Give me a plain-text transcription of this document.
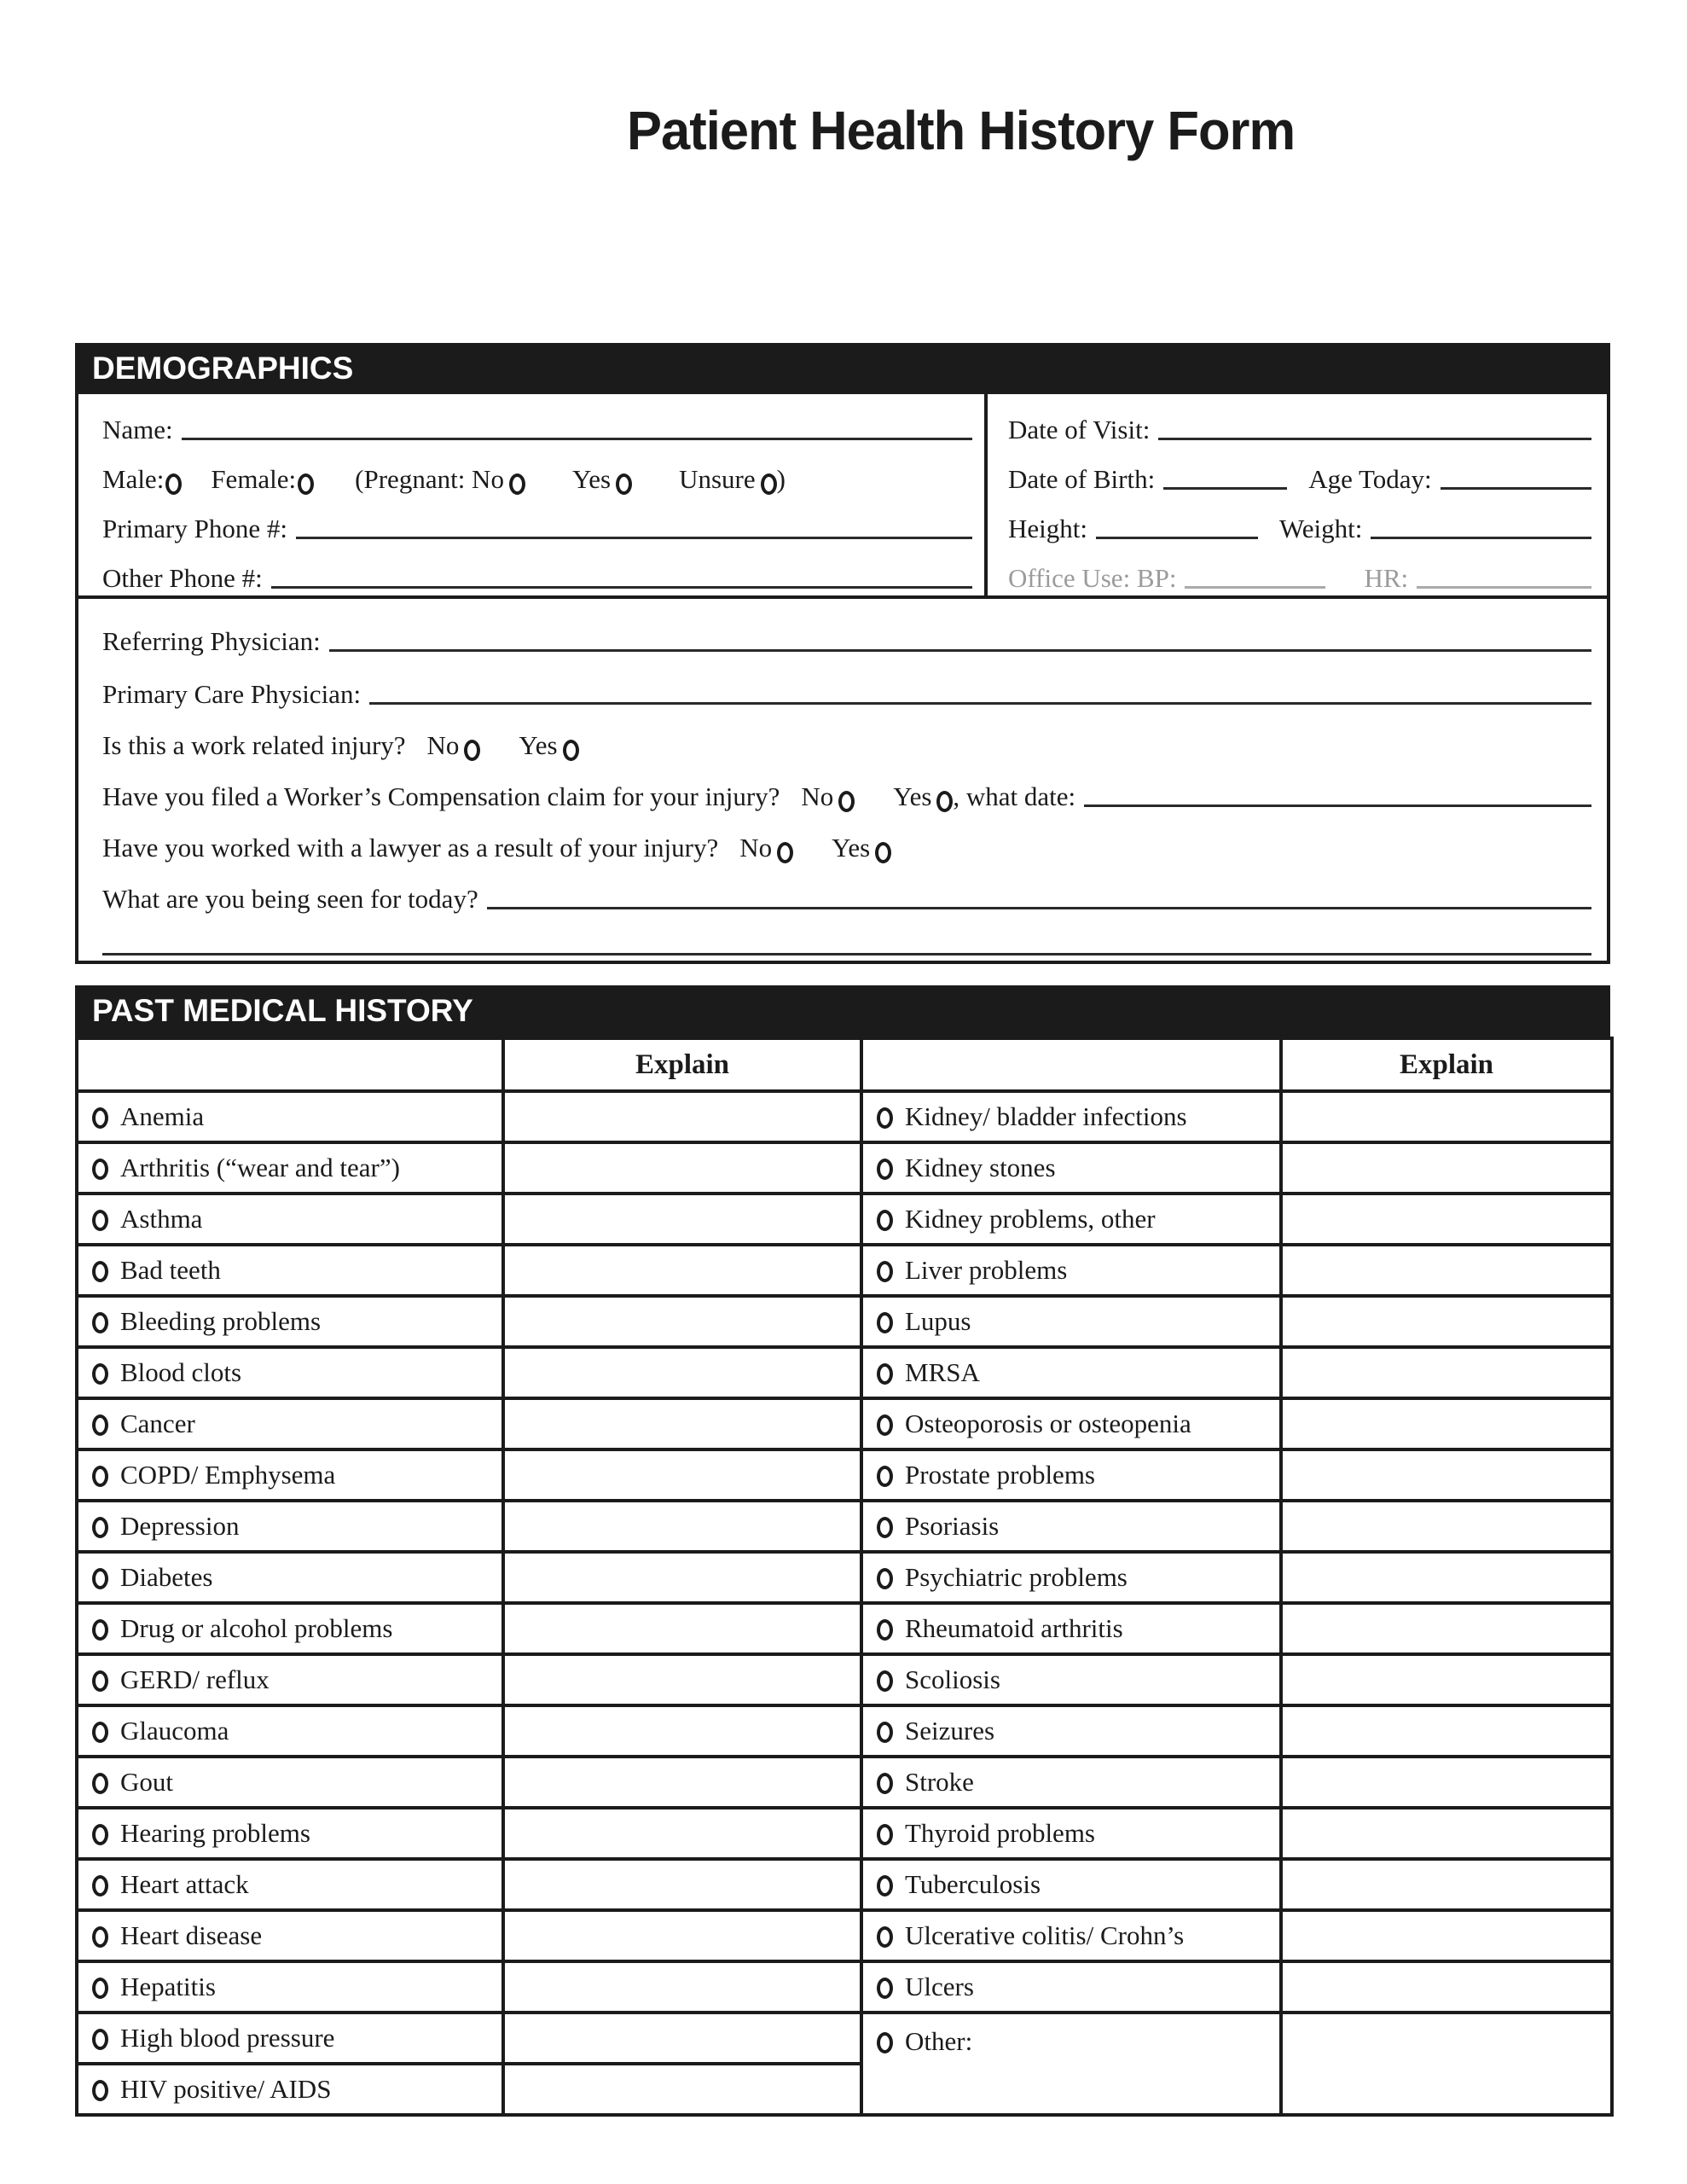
Patient Health History Form
DEMOGRAPHICS
Name:
Male: Female: (Pregnant: No	Yes	Unsure )
Primary Phone #:
Other Phone #:
Date of Visit:
Date of Birth:	Age Today:
Height:	Weight:
Office Use: BP:	HR:
Referring Physician:
Primary Care Physician:
Is this a work related injury? No Yes
Have you filed a Worker’s Compensation claim for your injury? No Yes , what date:
Have you worked with a lawyer as a result of your injury? No Yes
What are you being seen for today?
PAST MEDICAL HISTORY
	Explain		Explain
Anemia		Kidney/ bladder infections	
Arthritis (“wear and tear”)		Kidney stones	
Asthma		Kidney problems, other	
Bad teeth		Liver problems	
Bleeding problems		Lupus	
Blood clots		MRSA	
Cancer		Osteoporosis or osteopenia	
COPD/ Emphysema		Prostate problems	
Depression		Psoriasis	
Diabetes		Psychiatric problems	
Drug or alcohol problems		Rheumatoid arthritis	
GERD/ reflux		Scoliosis	
Glaucoma		Seizures	
Gout		Stroke	
Hearing problems		Thyroid problems	
Heart attack		Tuberculosis	
Heart disease		Ulcerative colitis/ Crohn’s	
Hepatitis		Ulcers	
High blood pressure		Other:	
HIV positive/ AIDS			
